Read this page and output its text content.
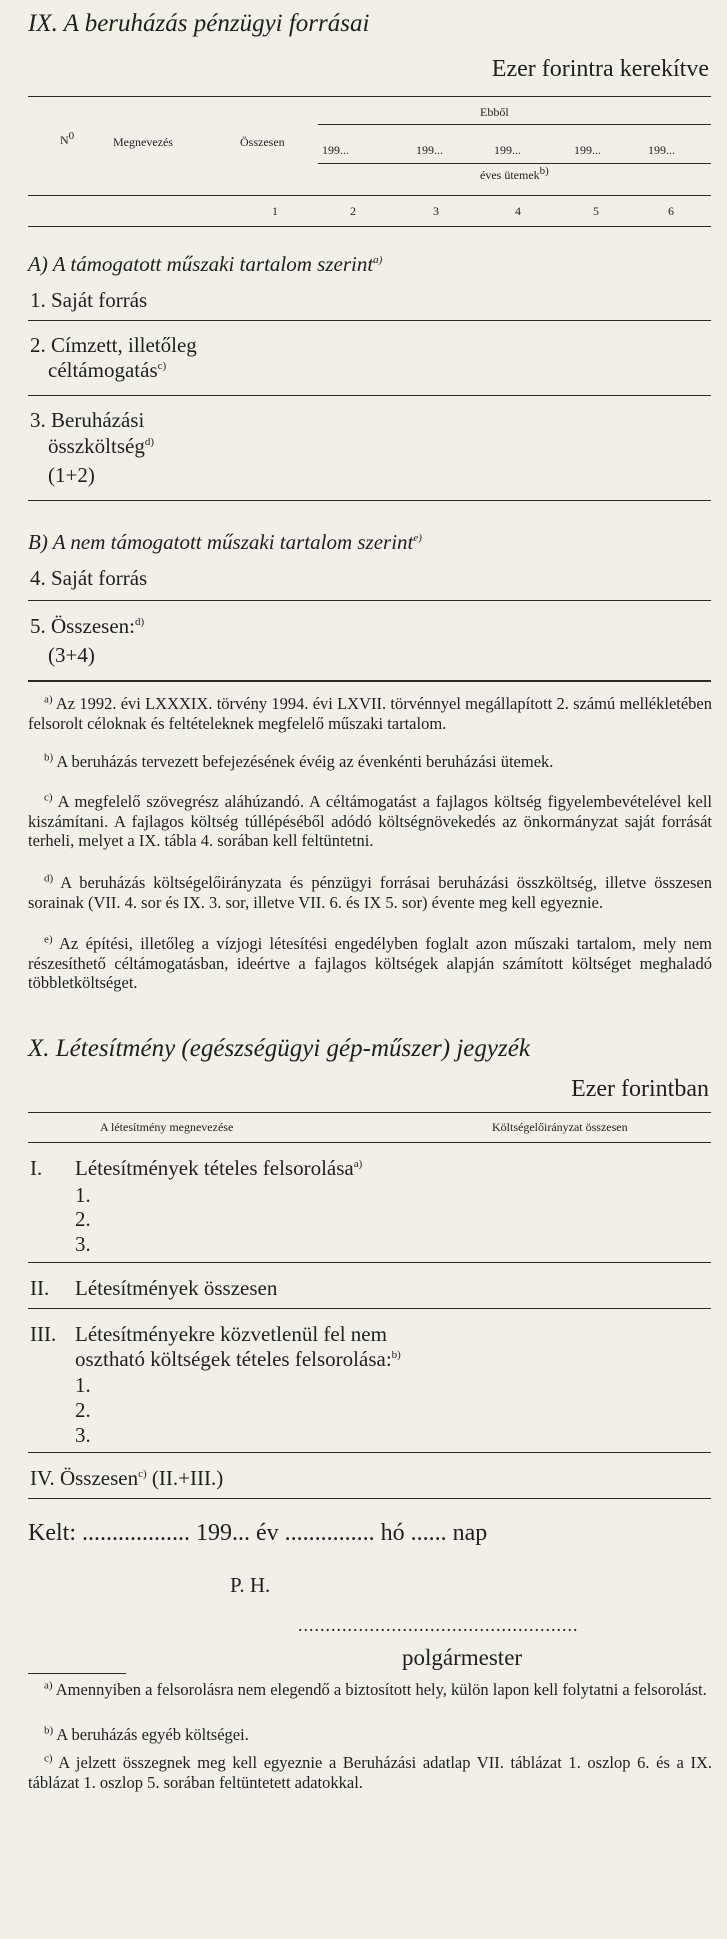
IX. A beruházás pénzügyi forrásai
Ezer forintra kerekítve
$N^0$	Megnevezés	Összesen
Ebből
199...	199...	199...	199...	199...
éves ütemek$^{b)}$
1	2	3	4	5	6
A) A támogatott műszaki tartalom szerint$^{a)}$
1. Saját forrás
2. Címzett, illetőleg
céltámogatás$^{c)}$
3. Beruházási
összköltség$^{d)}$
(1+2)
B) A nem támogatott műszaki tartalom szerint$^{e)}$
4. Saját forrás
5. Összesen:$^{d)}$
(3+4)
$^{a)}$ Az 1992. évi LXXXIX. törvény 1994. évi LXVII. törvénnyel megállapított 2. számú mellékletében felsorolt céloknak és feltételeknek megfelelő műszaki tartalom.
$^{b)}$ A beruházás tervezett befejezésének évéig az évenkénti beruházási ütemek.
$^{c)}$ A megfelelő szövegrész aláhúzandó. A céltámogatást a fajlagos költség figyelembevételével kell kiszámítani. A fajlagos költség túllépéséből adódó költségnövekedés az önkormányzat saját forrását terheli, melyet a IX. tábla 4. sorában kell feltüntetni.
$^{d)}$ A beruházás költségelőirányzata és pénzügyi forrásai beruházási összköltség, illetve összesen sorainak (VII. 4. sor és IX. 3. sor, illetve VII. 6. és IX 5. sor) évente meg kell egyeznie.
$^{e)}$ Az építési, illetőleg a vízjogi létesítési engedélyben foglalt azon műszaki tartalom, mely nem részesíthető céltámogatásban, ideértve a fajlagos költségek alapján számított költséget meghaladó többletköltséget.
X. Létesítmény (egészségügyi gép-műszer) jegyzék
Ezer forintban
A létesítmény megnevezése	Költségelőirányzat összesen
I. Létesítmények tételes felsorolása$^{a)}$
1.
2.
3.
II. Létesítmények összesen
III. Létesítményekre közvetlenül fel nem
osztható költségek tételes felsorolása:$^{b)}$
1.
2.
3.
IV. Összesen$^{c)}$ (II.+III.)
Kelt: .................. 199... év ............... hó ...... nap
P. H.
...................................................
polgármester
$^{a)}$ Amennyiben a felsorolásra nem elegendő a biztosított hely, külön lapon kell folytatni a felsorolást.
$^{b)}$ A beruházás egyéb költségei.
$^{c)}$ A jelzett összegnek meg kell egyeznie a Beruházási adatlap VII. táblázat 1. oszlop 6. és a IX. táblázat 1. oszlop 5. sorában feltüntetett adatokkal.
